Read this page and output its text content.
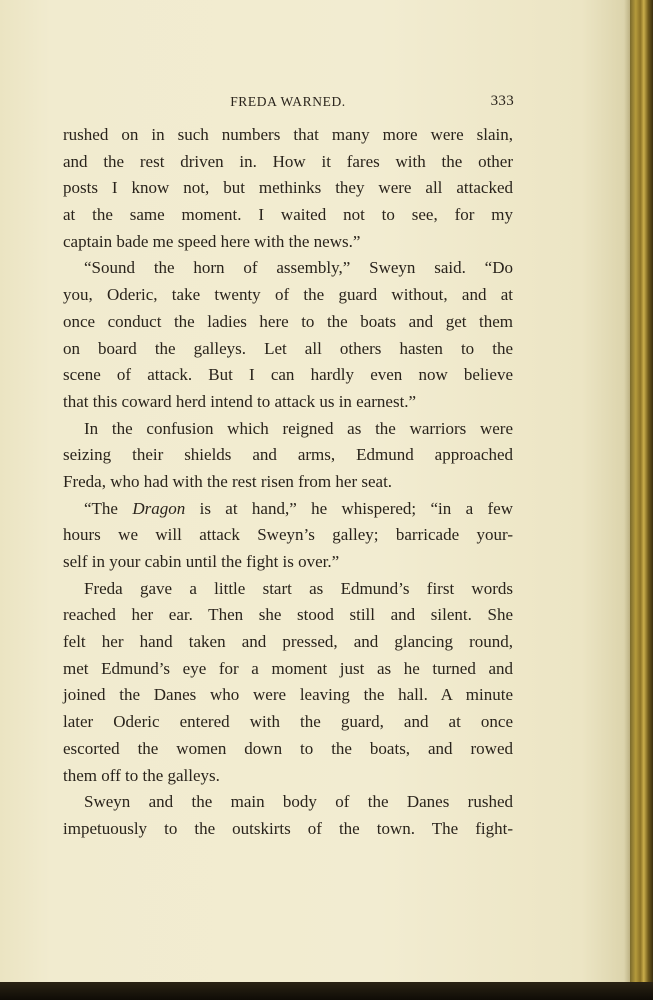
FREDA WARNED.	333
rushed on in such numbers that many more were slain,
and the rest driven in. How it fares with the other
posts I know not, but methinks they were all attacked
at the same moment. I waited not to see, for my
captain bade me speed here with the news.”
“Sound the horn of assembly,” Sweyn said. “Do
you, Oderic, take twenty of the guard without, and at
once conduct the ladies here to the boats and get them
on board the galleys. Let all others hasten to the
scene of attack. But I can hardly even now believe
that this coward herd intend to attack us in earnest.”
In the confusion which reigned as the warriors were
seizing their shields and arms, Edmund approached
Freda, who had with the rest risen from her seat.
“The Dragon is at hand,” he whispered; “in a few
hours we will attack Sweyn’s galley; barricade your-
self in your cabin until the fight is over.”
Freda gave a little start as Edmund’s first words
reached her ear. Then she stood still and silent. She
felt her hand taken and pressed, and glancing round,
met Edmund’s eye for a moment just as he turned and
joined the Danes who were leaving the hall. A minute
later Oderic entered with the guard, and at once
escorted the women down to the boats, and rowed
them off to the galleys.
Sweyn and the main body of the Danes rushed
impetuously to the outskirts of the town. The fight-
